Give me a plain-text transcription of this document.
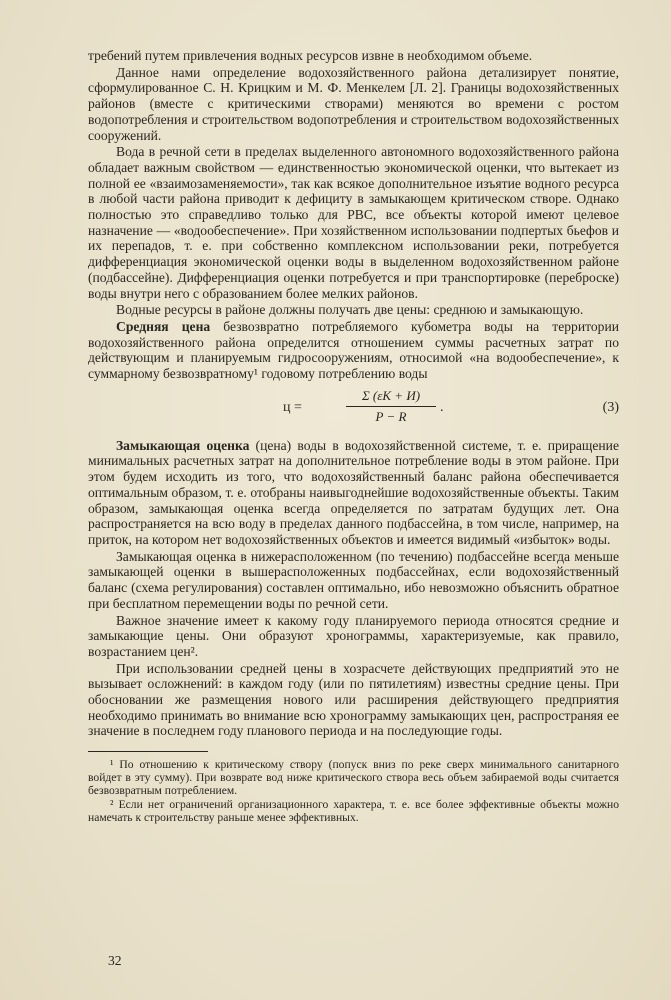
требений путем привлечения водных ресурсов извне в необходимом объеме.

Данное нами определение водохозяйственного района детализирует понятие, сформулированное С. Н. Крицким и М. Ф. Менкелем [Л. 2]. Границы водохозяйственных районов (вместе с критическими створами) меняются во времени с ростом водопотребления и строительством водопотребления и строительством водохозяйственных сооружений.

Вода в речной сети в пределах выделенного автономного водохозяйственного района обладает важным свойством — единственностью экономической оценки, что вытекает из полной ее «взаимозаменяемости», так как всякое дополнительное изъятие водного ресурса в любой части района приводит к дефициту в замыкающем критическом створе. Однако полностью это справедливо только для РВС, все объекты которой имеют целевое назначение — «водообеспечение». При хозяйственном использовании подпертых бьефов и их перепадов, т. е. при собственно комплексном использовании реки, потребуется дифференциация экономической оценки воды в выделенном водохозяйственном районе (подбассейне). Дифференциация оценки потребуется и при транспортировке (переброске) воды внутри него с образованием более мелких районов.

Водные ресурсы в районе должны получать две цены: среднюю и замыкающую.

Средняя цена безвозвратно потребляемого кубометра воды на территории водохозяйственного района определится отношением суммы расчетных затрат по действующим и планируемым гидросооружениям, относимой «на водообеспечение», к суммарному безвозвратному¹ годовому потреблению воды

ц =
Σ (εK + И)
P − R
.	(3)

Замыкающая оценка (цена) воды в водохозяйственной системе, т. е. приращение минимальных расчетных затрат на дополнительное потребление воды в этом районе. При этом будем исходить из того, что водохозяйственный баланс района обеспечивается оптимальным образом, т. е. отобраны наивыгоднейшие водохозяйственные объекты. Таким образом, замыкающая оценка всегда определяется по затратам будущих лет. Она распространяется на всю воду в пределах данного подбассейна, в том числе, например, на приток, на котором нет водохозяйственных объектов и имеется видимый «избыток» воды.

Замыкающая оценка в нижерасположенном (по течению) подбассейне всегда меньше замыкающей оценки в вышерасположенных подбассейнах, если водохозяйственный баланс (схема регулирования) составлен оптимально, ибо невозможно объяснить обратное при бесплатном перемещении воды по речной сети.

Важное значение имеет к какому году планируемого периода относятся средние и замыкающие цены. Они образуют хронограммы, характеризуемые, как правило, возрастанием цен².

При использовании средней цены в хозрасчете действующих предприятий это не вызывает осложнений: в каждом году (или по пятилетиям) известны средние цены. При обосновании же размещения нового или расширения действующего предприятия необходимо принимать во внимание всю хронограмму замыкающих цен, распространяя ее значение в последнем году планового периода и на последующие годы.

¹ По отношению к критическому створу (попуск вниз по реке сверх минимального санитарного войдет в эту сумму). При возврате вод ниже критического створа весь объем забираемой воды считается безвозвратным потреблением.

² Если нет ограничений организационного характера, т. е. все более эффективные объекты можно намечать к строительству раньше менее эффективных.

32
